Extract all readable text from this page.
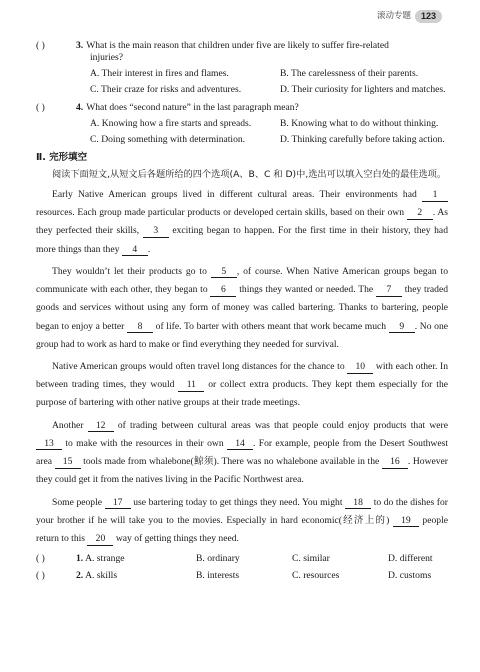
滚动专题	123
( )	3. What is the main reason that children under five are likely to suffer fire-related
injuries?
A. Their interest in fires and flames.	B. The carelessness of their parents.
C. Their craze for risks and adventures.	D. Their curiosity for lighters and matches.
( )	4. What does “second nature” in the last paragraph mean?
A. Knowing how a fire starts and spreads.	B. Knowing what to do without thinking.
C. Doing something with determination.	D. Thinking carefully before taking action.
Ⅱ. 完形填空
阅读下面短文,从短文后各题所给的四个选项(A、B、C 和 D)中,选出可以填入空白处的最佳选项。
Early Native American groups lived in different cultural areas. Their environments had 1 resources. Each group made particular products or developed certain skills, based on their own 2 . As they perfected their skills, 3 exciting began to happen. For the first time in their history, they had more things than they 4 .
They wouldn’t let their products go to 5 , of course. When Native American groups began to communicate with each other, they began to 6 things they wanted or needed. The 7 they traded goods and services without using any form of money was called bartering. Thanks to bartering, people began to enjoy a better 8 of life. To barter with others meant that work became much 9 . No one group had to work as hard to make or find everything they needed for survival.
Native American groups would often travel long distances for the chance to 10 with each other. In between trading times, they would 11 or collect extra products. They kept them especially for the purpose of bartering with other native groups at their trade meetings.
Another 12 of trading between cultural areas was that people could enjoy products that were 13 to make with the resources in their own 14 . For example, people from the Desert Southwest area 15 tools made from whalebone(鲸须). There was no whalebone available in the 16 . However they could get it from the natives living in the Pacific Northwest area.
Some people 17 use bartering today to get things they need. You might 18 to do the dishes for your brother if he will take you to the movies. Especially in hard economic(经济上的) 19 people return to this 20 way of getting things they need.
( )	1. A. strange	B. ordinary	C. similar	D. different
( )	2. A. skills	B. interests	C. resources	D. customs
